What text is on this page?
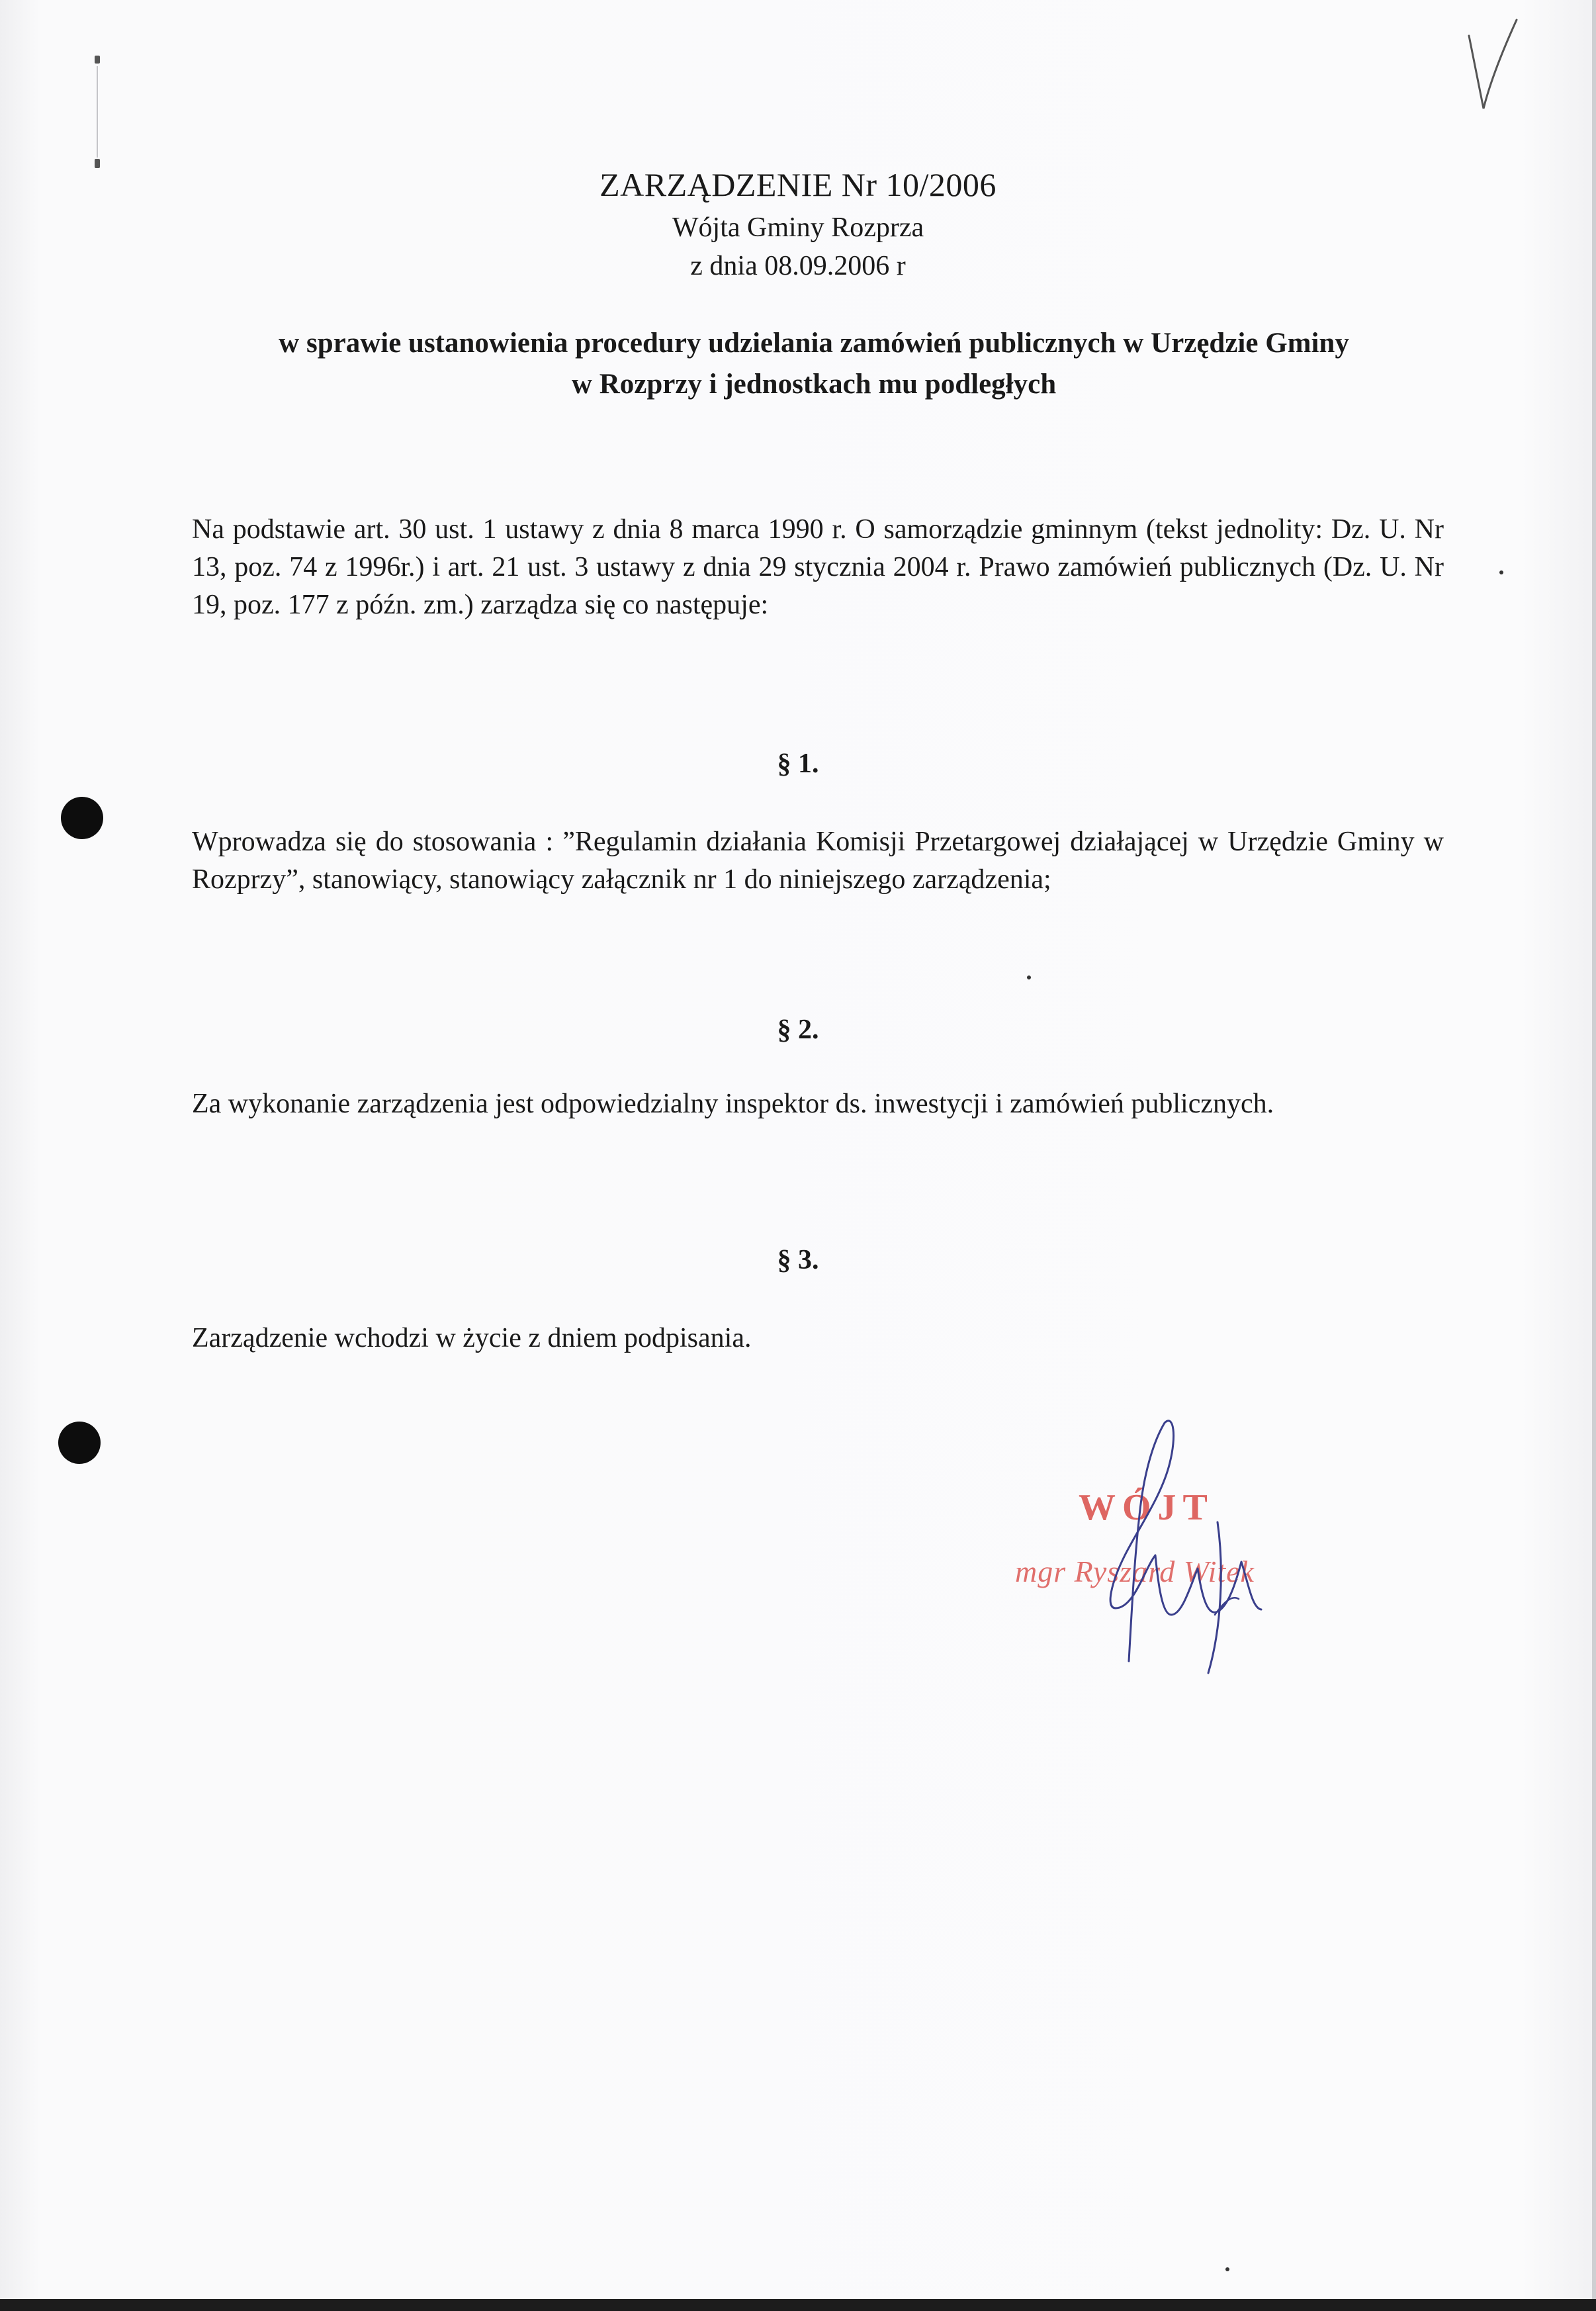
ZARZĄDZENIE Nr 10/2006
Wójta Gminy Rozprza
z dnia 08.09.2006 r
w sprawie ustanowienia procedury udzielania zamówień publicznych w Urzędzie Gminy
w Rozprzy i jednostkach mu podległych
Na podstawie art. 30 ust. 1 ustawy z dnia 8 marca 1990 r. O samorządzie gminnym (tekst jednolity: Dz. U. Nr 13, poz. 74 z 1996r.) i art. 21 ust. 3 ustawy z dnia 29 stycznia 2004 r. Prawo zamówień publicznych (Dz. U. Nr 19, poz. 177 z późn. zm.) zarządza się co następuje:
§ 1.
Wprowadza się do stosowania : ”Regulamin działania Komisji Przetargowej działającej w Urzędzie Gminy w Rozprzy”, stanowiący, stanowiący załącznik nr 1 do niniejszego zarządzenia;
§ 2.
Za wykonanie zarządzenia jest odpowiedzialny inspektor ds. inwestycji i zamówień publicznych.
§ 3.
Zarządzenie wchodzi w życie z dniem podpisania.
WÓJT
mgr Ryszard Witek
